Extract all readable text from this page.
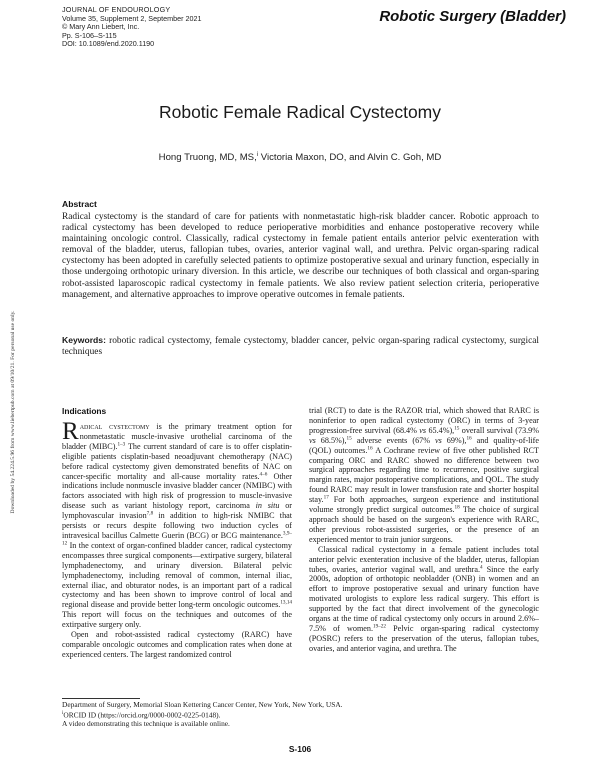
Downloaded by 54.224.5.96 from www.liebertpub.com at 09/10/21. For personal use only.
JOURNAL OF ENDOUROLOGY
Volume 35, Supplement 2, September 2021
© Mary Ann Liebert, Inc.
Pp. S-106–S-115
DOI: 10.1089/end.2020.1190
Robotic Surgery (Bladder)
Robotic Female Radical Cystectomy
Hong Truong, MD, MS,$^i$ Victoria Maxon, DO, and Alvin C. Goh, MD
Abstract
Radical cystectomy is the standard of care for patients with nonmetastatic high-risk bladder cancer. Robotic approach to radical cystectomy has been developed to reduce perioperative morbidities and enhance postoperative recovery while maintaining oncologic control. Classically, radical cystectomy in female patient entails anterior pelvic exenteration with removal of the bladder, uterus, fallopian tubes, ovaries, anterior vaginal wall, and urethra. Pelvic organ-sparing radical cystectomy has been adopted in carefully selected patients to optimize postoperative sexual and urinary function, especially in those undergoing orthotopic urinary diversion. In this article, we describe our techniques of both classical and organ-sparing robot-assisted laparoscopic radical cystectomy in female patients. We also review patient selection criteria, perioperative management, and alternative approaches to improve operative outcomes in female patients.
Keywords: robotic radical cystectomy, female cystectomy, bladder cancer, pelvic organ-sparing radical cystectomy, surgical techniques
Indications

Radical cystectomy is the primary treatment option for nonmetastatic muscle-invasive urothelial carcinoma of the bladder (MIBC).$^{1-3}$ The current standard of care is to offer cisplatin-eligible patients cisplatin-based neoadjuvant chemotherapy (NAC) before radical cystectomy given demonstrated benefits of NAC on cancer-specific mortality and all-cause mortality rates.$^{4-6}$ Other indications include nonmuscle invasive bladder cancer (NMIBC) with factors associated with high risk of progression to muscle-invasive disease such as variant histology report, carcinoma in situ or lymphovascular invasion$^{7,8}$ in addition to high-risk NMIBC that persists or recurs despite following two induction cycles of intravesical bacillus Calmette Guerin (BCG) or BCG maintenance.$^{3,9-12}$ In the context of organ-confined bladder cancer, radical cystectomy encompasses three surgical components—extirpative surgery, bilateral lymphadenectomy, and urinary diversion. Bilateral pelvic lymphadenectomy, including removal of common, internal iliac, external iliac, and obturator nodes, is an important part of a radical cystectomy and has been shown to improve control of local and regional disease and provide better long-term oncologic outcomes.$^{13,14}$ This report will focus on the techniques and outcomes of the extirpative surgery only.

Open and robot-assisted radical cystectomy (RARC) have comparable oncologic outcomes and complication rates when done at experienced centers. The largest randomized control

trial (RCT) to date is the RAZOR trial, which showed that RARC is noninferior to open radical cystectomy (ORC) in terms of 3-year progression-free survival (68.4% vs 65.4%),$^{15}$ overall survival (73.9% vs 68.5%),$^{15}$ adverse events (67% vs 69%),$^{16}$ and quality-of-life (QOL) outcomes.$^{16}$ A Cochrane review of five other published RCT comparing ORC and RARC showed no difference between two surgical approaches regarding time to recurrence, positive surgical margin rates, major postoperative complications, and QOL. The study found RARC may result in lower transfusion rate and shorter hospital stay.$^{17}$ For both approaches, surgeon experience and institutional volume strongly predict surgical outcomes.$^{18}$ The choice of surgical approach should be based on the surgeon's experience with RARC, other previous robot-assisted surgeries, or the presence of an experienced mentor to train junior surgeons.

Classical radical cystectomy in a female patient includes total anterior pelvic exenteration inclusive of the bladder, uterus, fallopian tubes, ovaries, anterior vaginal wall, and urethra.$^4$ Since the early 2000s, adoption of orthotopic neobladder (ONB) in women and an effort to improve postoperative sexual and urinary function have motivated urologists to explore less radical surgery. This effort is supported by the fact that direct involvement of the gynecologic organs at the time of radical cystectomy only occurs in around 2.6%–7.5% of women.$^{19-22}$ Pelvic organ-sparing radical cystectomy (POSRC) refers to the preservation of the uterus, fallopian tubes, ovaries, and anterior vagina, and urethra. The

Department of Surgery, Memorial Sloan Kettering Cancer Center, New York, New York, USA.
$^i$ORCID ID (https://orcid.org/0000-0002-0225-0148).
A video demonstrating this technique is available online.
S-106
